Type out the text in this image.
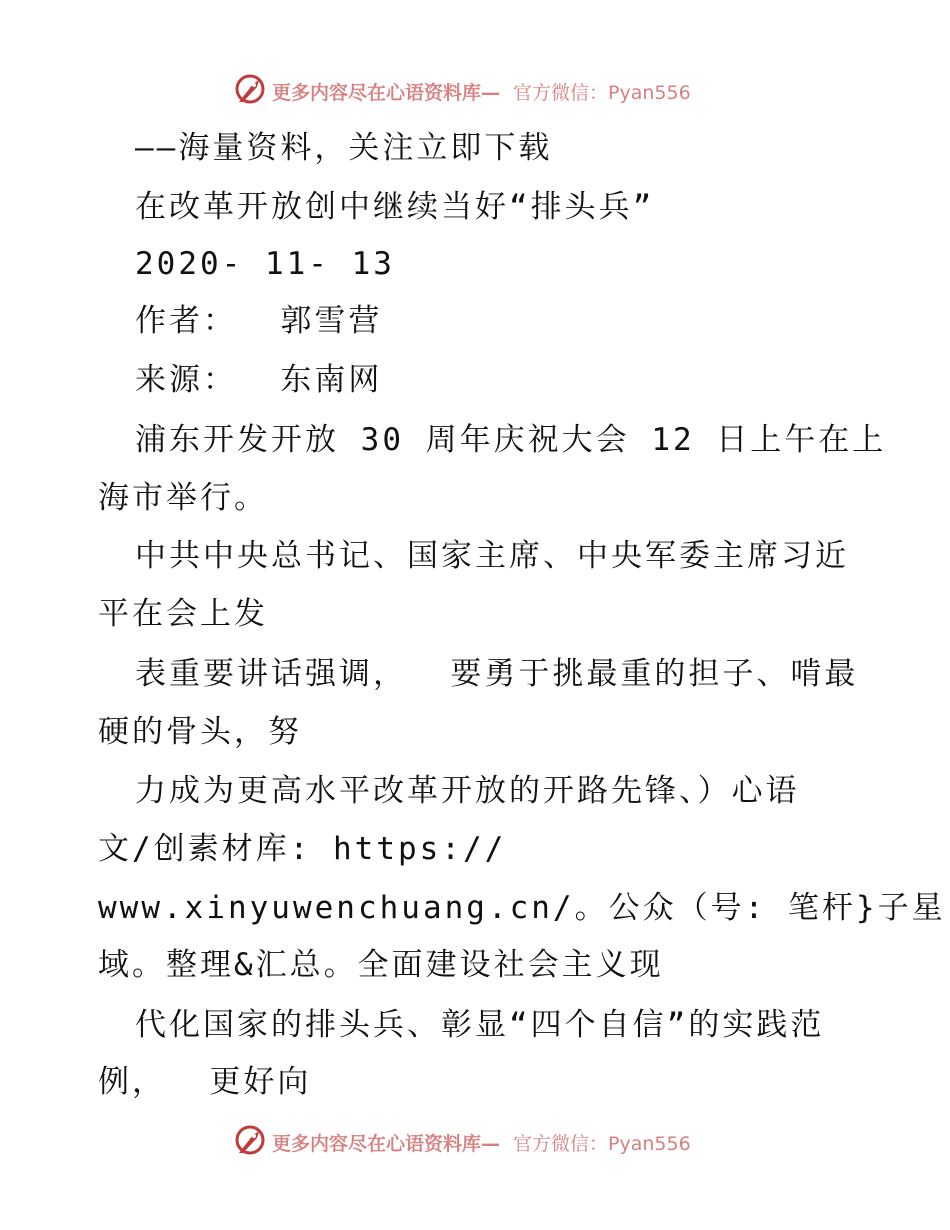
更多内容尽在心语资料库— 官方微信：Pyan556
——海量资料，关注立即下载
在改革开放创中继续当好“排头兵”
2020- 11- 13
作者：  郭雪营
来源：  东南网
浦东开发开放 30 周年庆祝大会 12 日上午在上
海市举行。
中共中央总书记、国家主席、中央军委主席习近
平在会上发
表重要讲话强调，  要勇于挑最重的担子、啃最
硬的骨头，努
力成为更高水平改革开放的开路先锋、）心语
文/创素材库: https://
www.xinyuwenchuang.cn/。公众（号: 笔杆}子星
域。整理&汇总。全面建设社会主义现
代化国家的排头兵、彰显“四个自信”的实践范
例，  更好向
更多内容尽在心语资料库— 官方微信：Pyan556
